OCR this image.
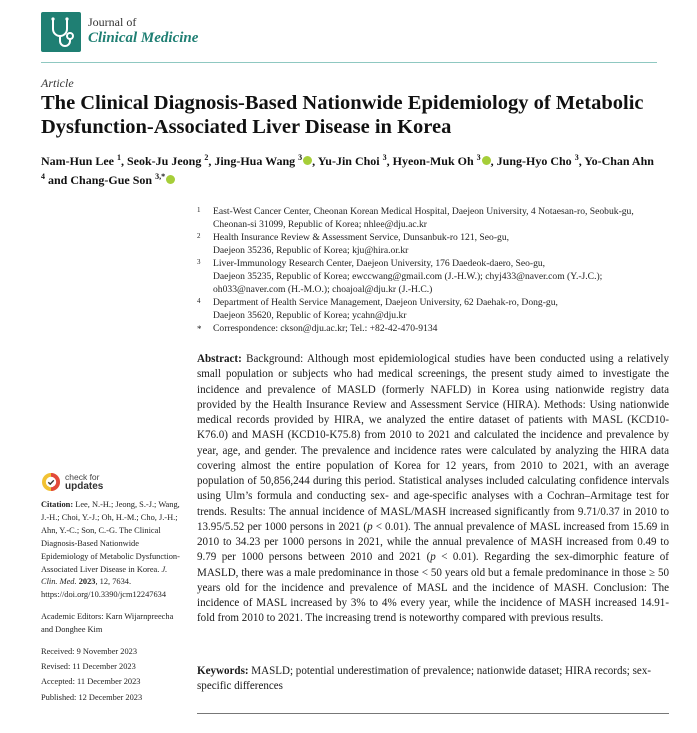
Journal of
Clinical Medicine
Article
The Clinical Diagnosis-Based Nationwide Epidemiology of Metabolic Dysfunction-Associated Liver Disease in Korea
Nam-Hun Lee $^1$, Seok-Ju Jeong $^2$, Jing-Hua Wang $^3$ , Yu-Jin Choi $^3$, Hyeon-Muk Oh $^3$ , Jung-Hyo Cho $^3$, Yo-Chan Ahn $^4$ and Chang-Gue Son $^{3,*}$
1 East-West Cancer Center, Cheonan Korean Medical Hospital, Daejeon University, 4 Notaesan-ro, Seobuk-gu,
Cheonan-si 31099, Republic of Korea; nhlee@dju.ac.kr
2 Health Insurance Review & Assessment Service, Dunsanbuk-ro 121, Seo-gu,
Daejeon 35236, Republic of Korea; kju@hira.or.kr
3 Liver-Immunology Research Center, Daejeon University, 176 Daedeok-daero, Seo-gu,
Daejeon 35235, Republic of Korea; ewccwang@gmail.com (J.-H.W.); chyj433@naver.com (Y.-J.C.);
oh033@naver.com (H.-M.O.); choajoal@dju.kr (J.-H.C.)
4 Department of Health Service Management, Daejeon University, 62 Daehak-ro, Dong-gu,
Daejeon 35620, Republic of Korea; ycahn@dju.kr
* Correspondence: ckson@dju.ac.kr; Tel.: +82-42-470-9134
Abstract: Background: Although most epidemiological studies have been conducted using a relatively small population or subjects who had medical screenings, the present study aimed to investigate the incidence and prevalence of MASLD (formerly NAFLD) in Korea using nationwide registry data provided by the Health Insurance Review and Assessment Service (HIRA). Methods: Using nationwide medical records provided by HIRA, we analyzed the entire dataset of patients with MASL (KCD10-K76.0) and MASH (KCD10-K75.8) from 2010 to 2021 and calculated the incidence and prevalence by year, age, and gender. The prevalence and incidence rates were calculated by analyzing the HIRA data covering almost the entire population of Korea for 12 years, from 2010 to 2021, with an average population of 50,856,244 during this period. Statistical analyses included calculating confidence intervals using Ulm’s formula and conducting sex- and age-specific analyses with a Cochran–Armitage test for trends. Results: The annual incidence of MASL/MASH increased significantly from 9.71/0.37 in 2010 to 13.95/5.52 per 1000 persons in 2021 (p < 0.01). The annual prevalence of MASL increased from 15.69 in 2010 to 34.23 per 1000 persons in 2021, while the annual prevalence of MASH increased from 0.49 to 9.79 per 1000 persons between 2010 and 2021 (p < 0.01). Regarding the sex-dimorphic feature of MASLD, there was a male predominance in those < 50 years old but a female predominance in those ≥ 50 years old for the incidence and prevalence of MASL and the incidence of MASH. Conclusion: The incidence of MASL increased by 3% to 4% every year, while the incidence of MASH increased 14.91-fold from 2010 to 2021. The increasing trend is noteworthy compared with previous results.
Keywords: MASLD; potential underestimation of prevalence; nationwide dataset; HIRA records; sex-specific differences
check for
updates

Citation: Lee, N.-H.; Jeong, S.-J.; Wang, J.-H.; Choi, Y.-J.; Oh, H.-M.; Cho, J.-H.; Ahn, Y.-C.; Son, C.-G. The Clinical Diagnosis-Based Nationwide Epidemiology of Metabolic Dysfunction-Associated Liver Disease in Korea. J. Clin. Med. 2023, 12, 7634. https://doi.org/10.3390/jcm12247634

Academic Editors: Karn Wijarnpreecha and Donghee Kim

Received: 9 November 2023
Revised: 11 December 2023
Accepted: 11 December 2023
Published: 12 December 2023
